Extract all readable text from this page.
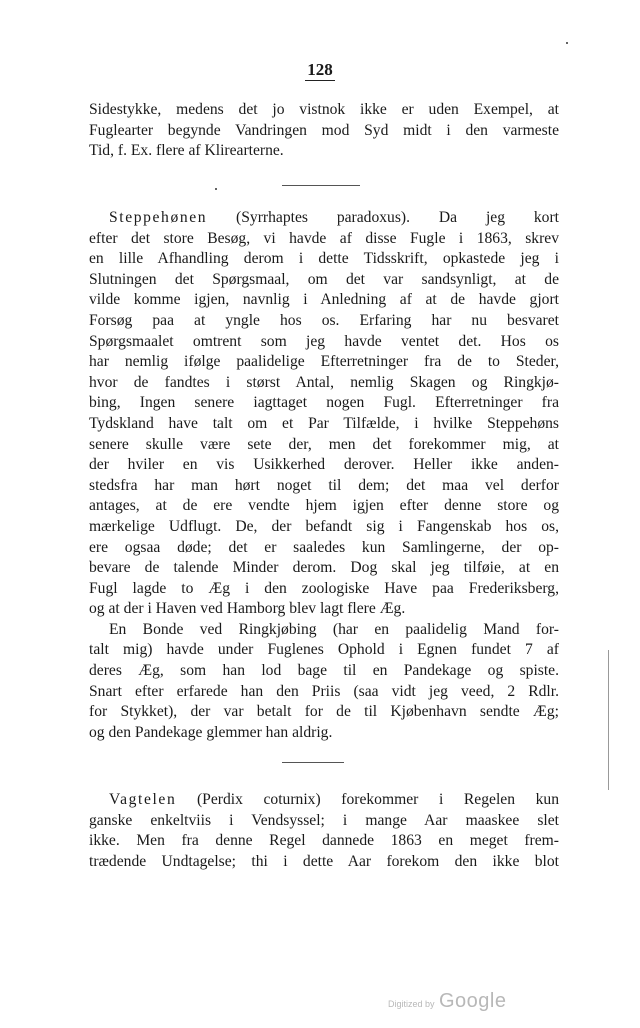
128
Sidestykke, medens det jo vistnok ikke er uden Exempel, at
Fuglearter begynde Vandringen mod Syd midt i den varmeste
Tid, f. Ex. flere af Klirearterne.
Steppehønen (Syrrhaptes paradoxus). Da jeg kort
efter det store Besøg, vi havde af disse Fugle i 1863, skrev
en lille Afhandling derom i dette Tidsskrift, opkastede jeg i
Slutningen det Spørgsmaal, om det var sandsynligt, at de
vilde komme igjen, navnlig i Anledning af at de havde gjort
Forsøg paa at yngle hos os. Erfaring har nu besvaret
Spørgsmaalet omtrent som jeg havde ventet det. Hos os
har nemlig ifølge paalidelige Efterretninger fra de to Steder,
hvor de fandtes i størst Antal, nemlig Skagen og Ringkjø-
bing, Ingen senere iagttaget nogen Fugl. Efterretninger fra
Tydskland have talt om et Par Tilfælde, i hvilke Steppehøns
senere skulle være sete der, men det forekommer mig, at
der hviler en vis Usikkerhed derover. Heller ikke anden-
stedsfra har man hørt noget til dem; det maa vel derfor
antages, at de ere vendte hjem igjen efter denne store og
mærkelige Udflugt. De, der befandt sig i Fangenskab hos os,
ere ogsaa døde; det er saaledes kun Samlingerne, der op-
bevare de talende Minder derom. Dog skal jeg tilføie, at en
Fugl lagde to Æg i den zoologiske Have paa Frederiksberg,
og at der i Haven ved Hamborg blev lagt flere Æg.
En Bonde ved Ringkjøbing (har en paalidelig Mand for-
talt mig) havde under Fuglenes Ophold i Egnen fundet 7 af
deres Æg, som han lod bage til en Pandekage og spiste.
Snart efter erfarede han den Priis (saa vidt jeg veed, 2 Rdlr.
for Stykket), der var betalt for de til Kjøbenhavn sendte Æg;
og den Pandekage glemmer han aldrig.
Vagtelen (Perdix coturnix) forekommer i Regelen kun
ganske enkeltviis i Vendsyssel; i mange Aar maaskee slet
ikke. Men fra denne Regel dannede 1863 en meget frem-
trædende Undtagelse; thi i dette Aar forekom den ikke blot
Digitized by Google
